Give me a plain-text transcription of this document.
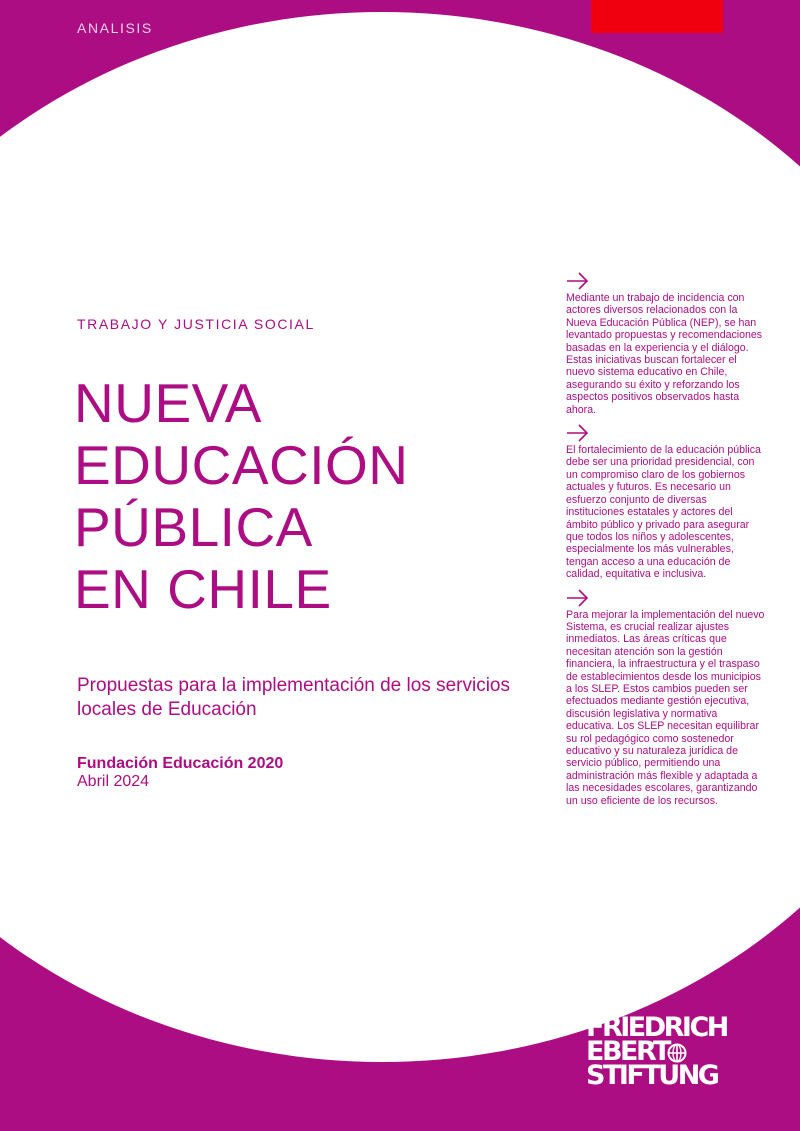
ANALISIS
TRABAJO Y JUSTICIA SOCIAL
NUEVA
EDUCACIÓN
PÚBLICA
EN CHILE
Propuestas para la implementación de los servicios locales de Educación
Fundación Educación 2020
Abril 2024

Mediante un trabajo de incidencia con actores diversos relacionados con la Nueva Educación Pública (NEP), se han levantado propuestas y recomendaciones basadas en la experiencia y el diálogo. Estas iniciativas buscan fortalecer el nuevo sistema educativo en Chile, asegurando su éxito y reforzando los aspectos positivos observados hasta ahora.

El fortalecimiento de la educación pública debe ser una prioridad presidencial, con un compromiso claro de los gobiernos actuales y futuros. Es necesario un esfuerzo conjunto de diversas instituciones estatales y actores del ámbito público y privado para asegurar que todos los niños y adolescentes, especialmente los más vulnerables, tengan acceso a una educación de calidad, equitativa e inclusiva.

Para mejorar la implementación del nuevo Sistema, es crucial realizar ajustes inmediatos. Las áreas críticas que necesitan atención son la gestión financiera, la infraestructura y el traspaso de establecimientos desde los municipios a los SLEP. Estos cambios pueden ser efectuados mediante gestión ejecutiva, discusión legislativa y normativa educativa. Los SLEP necesitan equilibrar su rol pedagógico como sostenedor educativo y su naturaleza jurídica de servicio público, permitiendo una administración más flexible y adaptada a las necesidades escolares, garantizando un uso eficiente de los recursos.

FRIEDRICH
EBERT
STIFTUNG
